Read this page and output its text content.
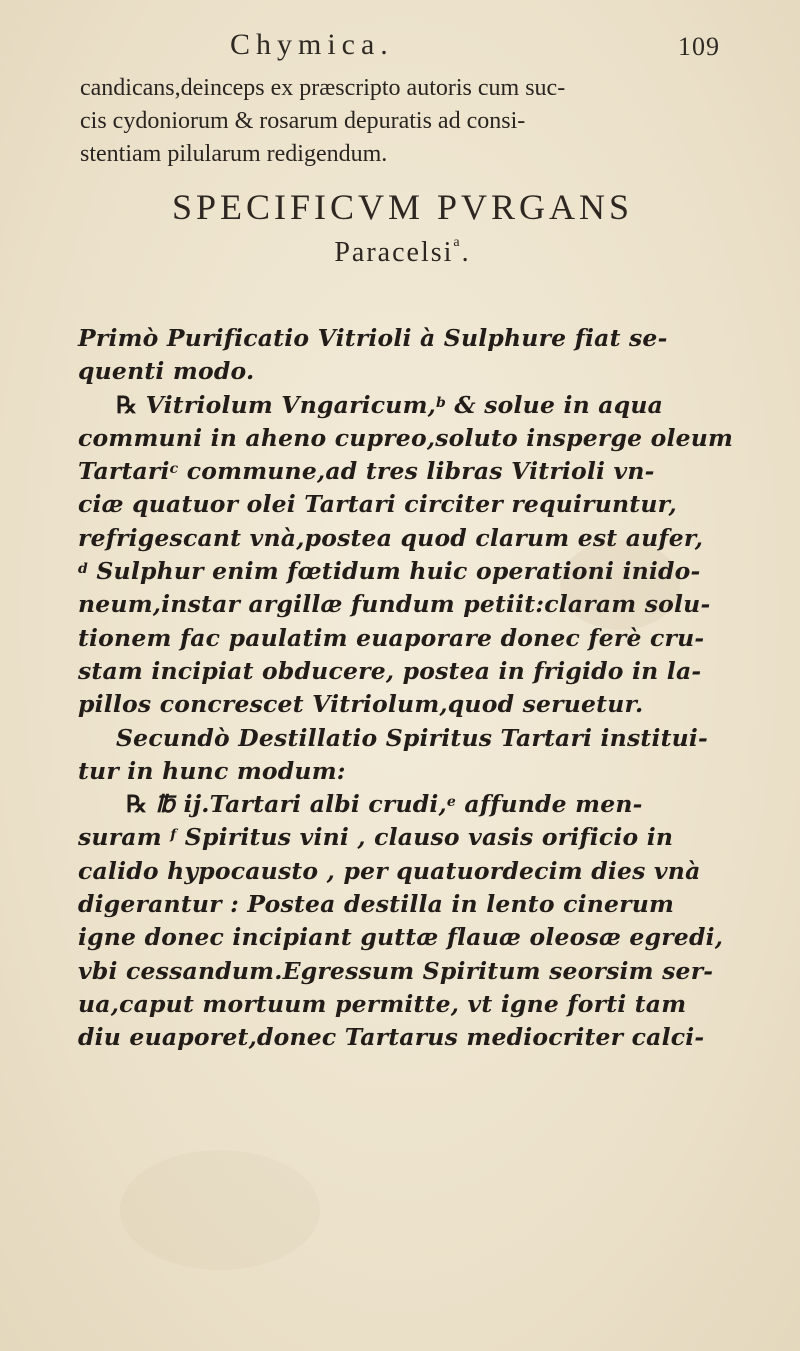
Chymica.	109
candicans,deinceps ex præscripto autoris cum suc-
cis cydoniorum & rosarum depuratis ad consi-
stentiam pilularum redigendum.
SPECIFICVM PVRGANS
Paracelsi$^a$.
Primò Purificatio Vitrioli à Sulphure fiat se-
quenti modo.
℞ Vitriolum Vngaricum,$^b$ & solue in aqua
communi in aheno cupreo,soluto insperge oleum
Tartari$^c$ commune,ad tres libras Vitrioli vn-
ciæ quatuor olei Tartari circiter requiruntur,
refrigescant vnà,postea quod clarum est aufer,
$^d$ Sulphur enim fœtidum huic operationi inido-
neum,instar argillæ fundum petiit:claram solu-
tionem fac paulatim euaporare donec ferè cru-
stam incipiat obducere, postea in frigido in la-
pillos concrescet Vitriolum,quod seruetur.
Secundò Destillatio Spiritus Tartari institui-
tur in hunc modum:
℞ ℔ ij.Tartari albi crudi,$^e$ affunde men-
suram $^f$ Spiritus vini , clauso vasis orificio in
calido hypocausto , per quatuordecim dies vnà
digerantur : Postea destilla in lento cinerum
igne donec incipiant guttæ flauæ oleosæ egredi,
vbi cessandum.Egressum Spiritum seorsim ser-
ua,caput mortuum permitte, vt igne forti tam
diu euaporet,donec Tartarus mediocriter calci-
